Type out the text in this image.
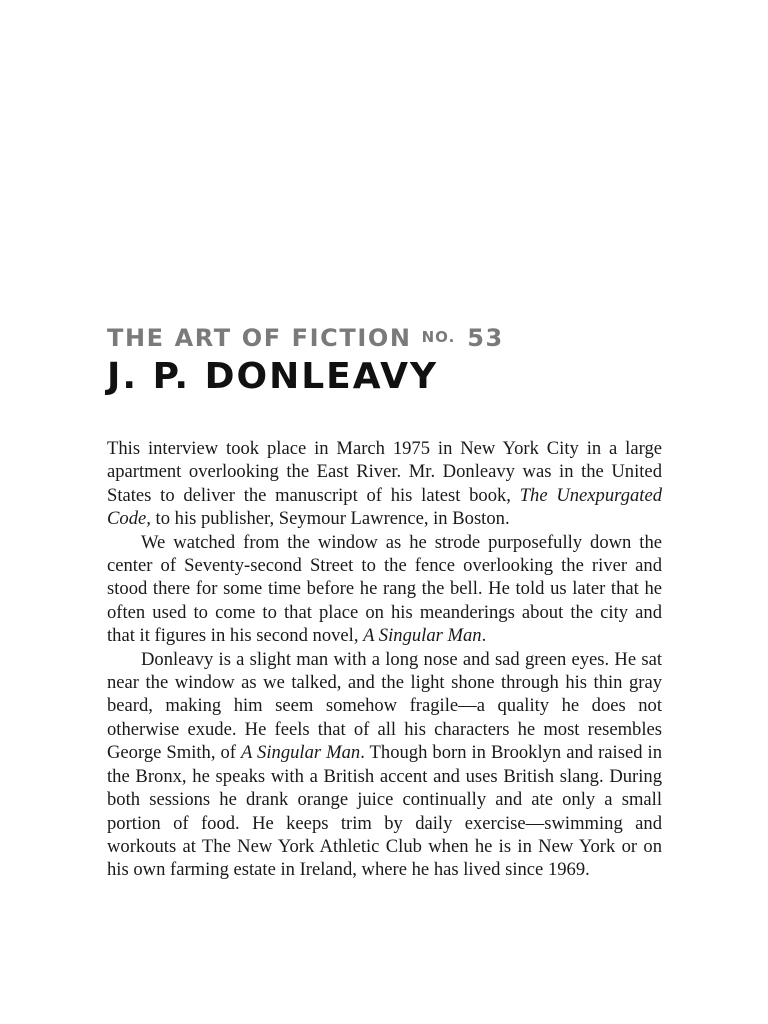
THE ART OF FICTION NO. 53
J. P. DONLEAVY

This interview took place in March 1975 in New York City in a large apartment overlooking the East River. Mr. Donleavy was in the United States to deliver the manuscript of his latest book, The Unexpurgated Code, to his publisher, Seymour Lawrence, in Boston.

We watched from the window as he strode purposefully down the center of Seventy-second Street to the fence overlooking the river and stood there for some time before he rang the bell. He told us later that he often used to come to that place on his meanderings about the city and that it figures in his second novel, A Singular Man.

Donleavy is a slight man with a long nose and sad green eyes. He sat near the window as we talked, and the light shone through his thin gray beard, making him seem somehow fragile—a quality he does not otherwise exude. He feels that of all his characters he most resembles George Smith, of A Singular Man. Though born in Brooklyn and raised in the Bronx, he speaks with a British accent and uses British slang. During both sessions he drank orange juice continually and ate only a small portion of food. He keeps trim by daily exercise—swimming and workouts at The New York Athletic Club when he is in New York or on his own farming estate in Ireland, where he has lived since 1969.
